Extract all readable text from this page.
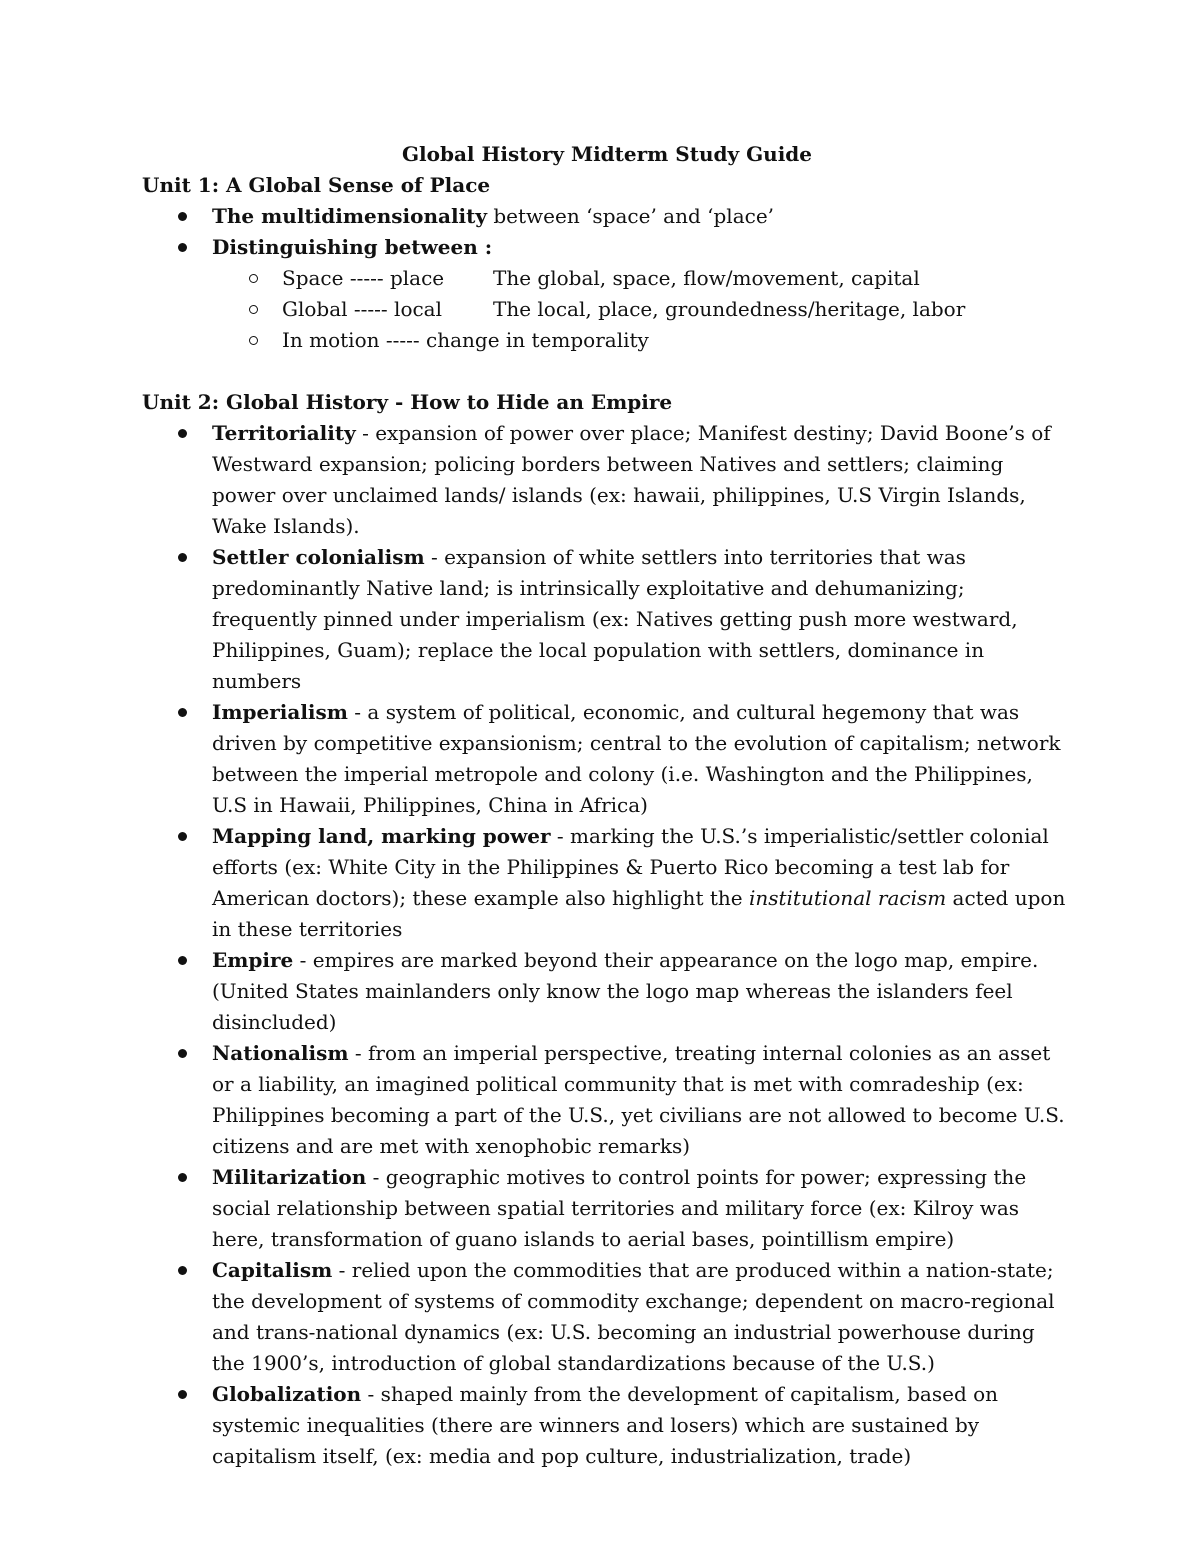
Global History Midterm Study Guide

Unit 1: A Global Sense of Place

The multidimensionality between ‘space’ and ‘place’
Distinguishing between :
Space ----- place The global, space, flow/movement, capital
Global ----- local	The local, place, groundedness/heritage, labor
In motion ----- change in temporality

Unit 2: Global History - How to Hide an Empire

Territoriality - expansion of power over place; Manifest destiny; David Boone’s of Westward expansion; policing borders between Natives and settlers; claiming power over unclaimed lands/ islands (ex: hawaii, philippines, U.S Virgin Islands, Wake Islands).
Settler colonialism - expansion of white settlers into territories that was predominantly Native land; is intrinsically exploitative and dehumanizing; frequently pinned under imperialism (ex: Natives getting push more westward, Philippines, Guam); replace the local population with settlers, dominance in numbers
Imperialism - a system of political, economic, and cultural hegemony that was driven by competitive expansionism; central to the evolution of capitalism; network between the imperial metropole and colony (i.e. Washington and the Philippines, U.S in Hawaii, Philippines, China in Africa)
Mapping land, marking power - marking the U.S.’s imperialistic/settler colonial efforts (ex: White City in the Philippines & Puerto Rico becoming a test lab for American doctors); these example also highlight the institutional racism acted upon in these territories
Empire - empires are marked beyond their appearance on the logo map, empire. (United States mainlanders only know the logo map whereas the islanders feel disincluded)
Nationalism - from an imperial perspective, treating internal colonies as an asset or a liability, an imagined political community that is met with comradeship (ex: Philippines becoming a part of the U.S., yet civilians are not allowed to become U.S. citizens and are met with xenophobic remarks)
Militarization - geographic motives to control points for power; expressing the social relationship between spatial territories and military force (ex: Kilroy was here, transformation of guano islands to aerial bases, pointillism empire)
Capitalism - relied upon the commodities that are produced within a nation-state; the development of systems of commodity exchange; dependent on macro-regional and trans-national dynamics (ex: U.S. becoming an industrial powerhouse during the 1900’s, introduction of global standardizations because of the U.S.)
Globalization - shaped mainly from the development of capitalism, based on systemic inequalities (there are winners and losers) which are sustained by capitalism itself, (ex: media and pop culture, industrialization, trade)
